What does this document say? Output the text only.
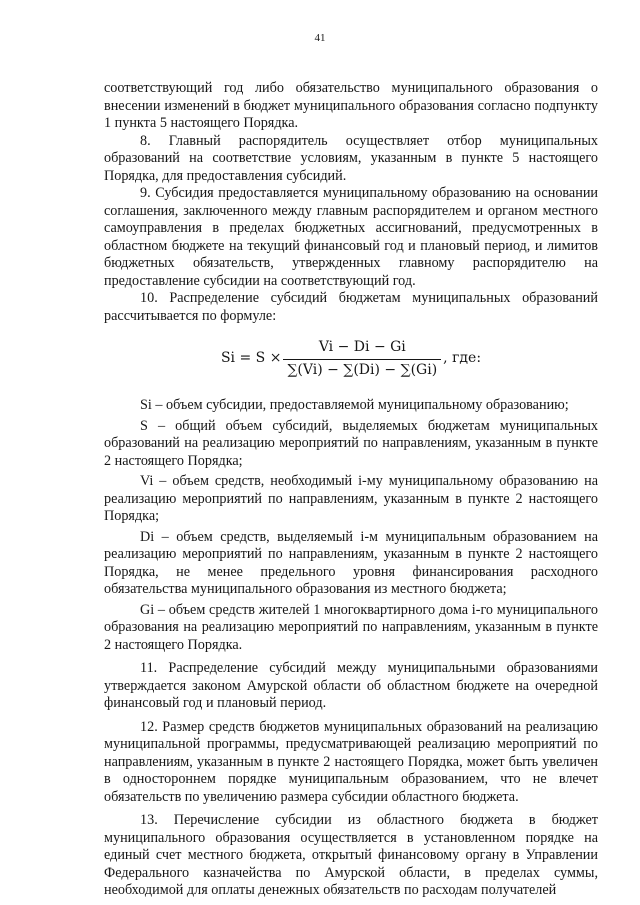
41

соответствующий год либо обязательство муниципального образования о внесении изменений в бюджет муниципального образования согласно подпункту 1 пункта 5 настоящего Порядка.

8. Главный распорядитель осуществляет отбор муниципальных образований на соответствие условиям, указанным в пункте 5 настоящего Порядка, для предоставления субсидий.

9. Субсидия предоставляется муниципальному образованию на основании соглашения, заключенного между главным распорядителем и органом местного самоуправления в пределах бюджетных ассигнований, предусмотренных в областном бюджете на текущий финансовый год и плановый период, и лимитов бюджетных обязательств, утвержденных главному распорядителю на предоставление субсидии на соответствующий год.

10. Распределение субсидий бюджетам муниципальных образований рассчитывается по формуле:

$Si = S \times \frac{Vi - Di - Gi}{\sum(Vi) - \sum(Di) - \sum(Gi)}$ , где:

Si – объем субсидии, предоставляемой муниципальному образованию;

S – общий объем субсидий, выделяемых бюджетам муниципальных образований на реализацию мероприятий по направлениям, указанным в пункте 2 настоящего Порядка;

Vi – объем средств, необходимый i-му муниципальному образованию на реализацию мероприятий по направлениям, указанным в пункте 2 настоящего Порядка;

Di – объем средств, выделяемый i-м муниципальным образованием на реализацию мероприятий по направлениям, указанным в пункте 2 настоящего Порядка, не менее предельного уровня финансирования расходного обязательства муниципального образования из местного бюджета;

Gi – объем средств жителей 1 многоквартирного дома i-го муниципального образования на реализацию мероприятий по направлениям, указанным в пункте 2 настоящего Порядка.

11. Распределение субсидий между муниципальными образованиями утверждается законом Амурской области об областном бюджете на очередной финансовый год и плановый период.

12. Размер средств бюджетов муниципальных образований на реализацию муниципальной программы, предусматривающей реализацию мероприятий по направлениям, указанным в пункте 2 настоящего Порядка, может быть увеличен в одностороннем порядке муниципальным образованием, что не влечет обязательств по увеличению размера субсидии областного бюджета.

13. Перечисление субсидии из областного бюджета в бюджет муниципального образования осуществляется в установленном порядке на единый счет местного бюджета, открытый финансовому органу в Управлении Федерального казначейства по Амурской области, в пределах суммы, необходимой для оплаты денежных обязательств по расходам получателей
